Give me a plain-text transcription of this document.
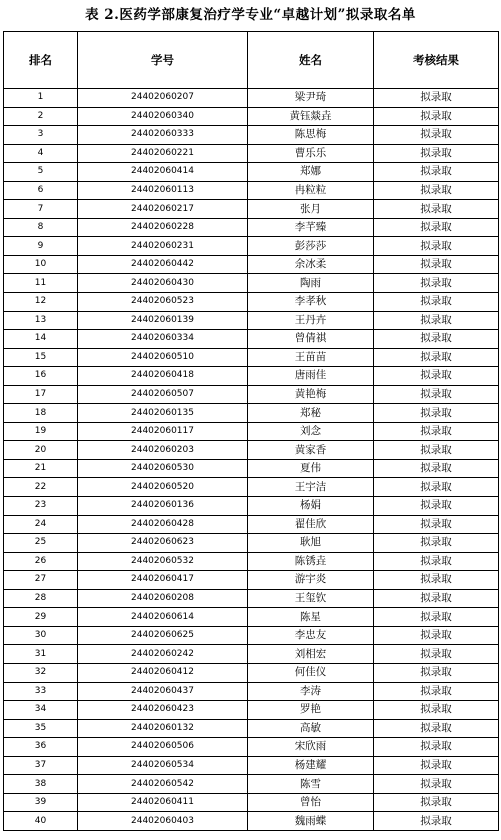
表 2.医药学部康复治疗学专业“卓越计划”拟录取名单
排名	学号	姓名	考核结果
1	24402060207	梁尹琦	拟录取
2	24402060340	黄钰燚垚	拟录取
3	24402060333	陈思梅	拟录取
4	24402060221	曹乐乐	拟录取
5	24402060414	郑娜	拟录取
6	24402060113	冉粒粒	拟录取
7	24402060217	张月	拟录取
8	24402060228	李芊臻	拟录取
9	24402060231	彭莎莎	拟录取
10	24402060442	余冰柔	拟录取
11	24402060430	陶雨	拟录取
12	24402060523	李孝秋	拟录取
13	24402060139	王丹卉	拟录取
14	24402060334	曾倩祺	拟录取
15	24402060510	王苗苗	拟录取
16	24402060418	唐雨佳	拟录取
17	24402060507	黄艳梅	拟录取
18	24402060135	郑秘	拟录取
19	24402060117	刘念	拟录取
20	24402060203	黄家香	拟录取
21	24402060530	夏伟	拟录取
22	24402060520	王宇洁	拟录取
23	24402060136	杨娟	拟录取
24	24402060428	翟佳欣	拟录取
25	24402060623	耿旭	拟录取
26	24402060532	陈锈垚	拟录取
27	24402060417	游宇炎	拟录取
28	24402060208	王玺钦	拟录取
29	24402060614	陈星	拟录取
30	24402060625	李忠友	拟录取
31	24402060242	刘相宏	拟录取
32	24402060412	何佳仪	拟录取
33	24402060437	李涛	拟录取
34	24402060423	罗艳	拟录取
35	24402060132	高敏	拟录取
36	24402060506	宋欣雨	拟录取
37	24402060534	杨建耀	拟录取
38	24402060542	陈雪	拟录取
39	24402060411	曾怡	拟录取
40	24402060403	魏雨蝶	拟录取
